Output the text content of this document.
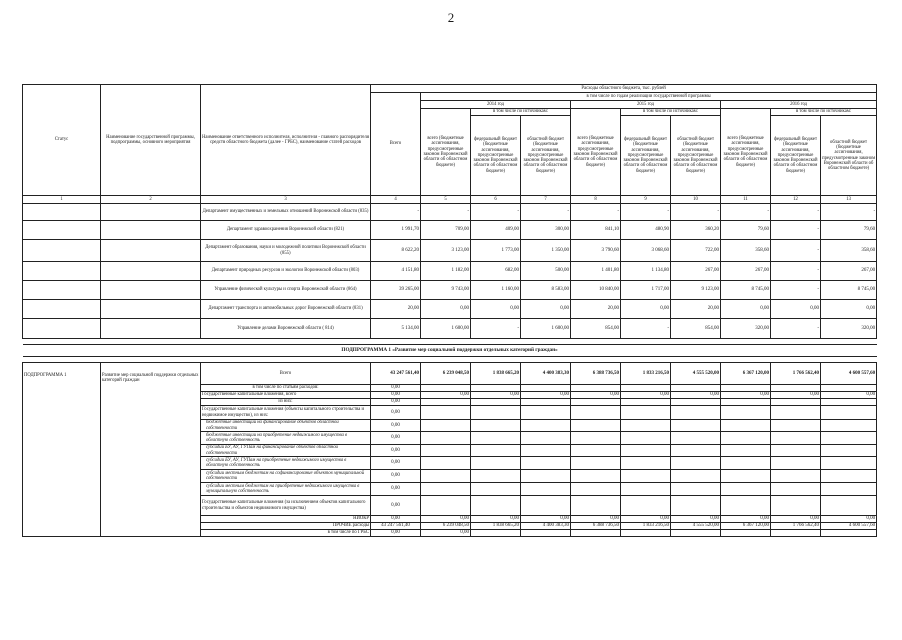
2
Статус	Наименование государственной программы, подпрограммы, основного мероприятия	Наименование ответственного исполнителя, исполнителя - главного распорядителя средств областного бюджета (далее - ГРБС), наименование статей расходов	Расходы областного бюджета, тыс. рублей									
			Всего	в том числе по годам реализации государственной программы								
				2014 год			2015 год			2016 год		
				всего (бюджетные ассигнования, предусмотренные законом Воронежской области об областном бюджете)	в том числе по источникам:		всего (бюджетные ассигнования, предусмотренные законом Воронежской области об областном бюджете)	в том числе по источникам:		всего (бюджетные ассигнования, предусмотренные законом Воронежской области об областном бюджете)	в том числе по источникам:	
					федеральный бюджет (бюджетные ассигнования, предусмотренные законом Воронежской области об областном бюджете)	областной бюджет (бюджетные ассигнования, предусмотренные законом Воронежской области об областном бюджете)		федеральный бюджет (бюджетные ассигнования, предусмотренные законом Воронежской области об областном бюджете)	областной бюджет (бюджетные ассигнования, предусмотренные законом Воронежской области об областном бюджете)		федеральный бюджет (бюджетные ассигнования, предусмотренные законом Воронежской области об областном бюджете)	областной бюджет (бюджетные ассигнования, предусмотренные законом Воронежской области об областном бюджете)
1	2	3	4	5	6	7	8	9	10	11	12	13
		Департамент имущественных и земельных отношений Воронежской области (835)	-	-	-	-	-	-	-	-	-	-
		Департамент здравоохранения Воронежской области (821)	1 991,70	709,00	409,00	300,00	841,10	480,90	360,20	79,60	-	79,60
		Департамент образования, науки и молодежной политики Воронежской области (855)	8 622,20	3 123,00	1 773,00	1 350,00	3 790,60	3 068,60	722,00	358,60	-	358,60
		Департамент природных ресурсов и экологии Воронежской области (803)	4 151,80	1 182,00	682,00	500,00	1 401,80	1 134,80	267,00	267,00	-	267,00
		Управление физической культуры и спорта Воронежской области (864)	39 265,00	9 743,00	1 160,00	8 583,00	10 840,00	1 717,00	9 123,00	8 745,00	-	8 745,00
		Департамент транспорта и автомобильных дорог Воронежской области (831)	20,00	0,00	0,00	0,00	20,00	0,00	20,00	0,00	0,00	0,00
		Управление делами Воронежской области ( 814)	5 134,00	1 600,00	-	1 600,00	854,00	-	854,00	320,00	-	320,00

ПОДПРОГРАММА 1 «Развитие мер социальной поддержки отдельных категорий граждан»												

ПОДПРОГРАММА 1	Развитие мер социальной поддержки отдельных категорий граждан	Всего	43 247 561,40	6 239 048,50	1 838 665,20	4 400 383,30	6 388 736,50	1 833 216,50	4 555 520,00	6 367 120,00	1 766 562,40	4 600 557,60
		в том числе по статьям расходов:	0,00									
		Государственные капитальные вложения, всего	0,00	0,00	0,00	0,00	0,00	0,00	0,00	0,00	0,00	0,00
		из них:	0,00									
		Государственные капитальные вложения (объекты капитального строительства и недвижимое имущество), из них:	0,00									
		бюджетные инвестиции на финансирование объектов областной собственности	0,00									
		бюджетные инвестиции на приобретение недвижимого имущества в областную собственность	0,00									
		субсидии БУ, АУ, ГУПам на финансирование объектов областной собственности	0,00									
		субсидии БУ, АУ, ГУПам на приобретение недвижимого имущества в областную собственность	0,00									
		субсидии местным бюджетам на софинансирование объектов муниципальной собственности	0,00									
		субсидии местным бюджетам на приобретение недвижимого имущества в муниципальную собственность	0,00									
		Государственные капитальные вложения (за исключением объектов капитального строительства и объектов недвижимого имущества)	0,00									
		НИОКР	0,00	0,00	0,00	0,00	0,00	0,00	0,00	0,00	0,00	0,00
		ПРОЧИЕ расходы	43 247 561,40	6 239 048,50	1 838 665,20	4 400 383,30	6 388 736,50	1 833 216,50	4 555 520,00	6 367 120,00	1 766 562,40	4 600 557,60
		в том числе по ГРБС	0,00	0,00								
